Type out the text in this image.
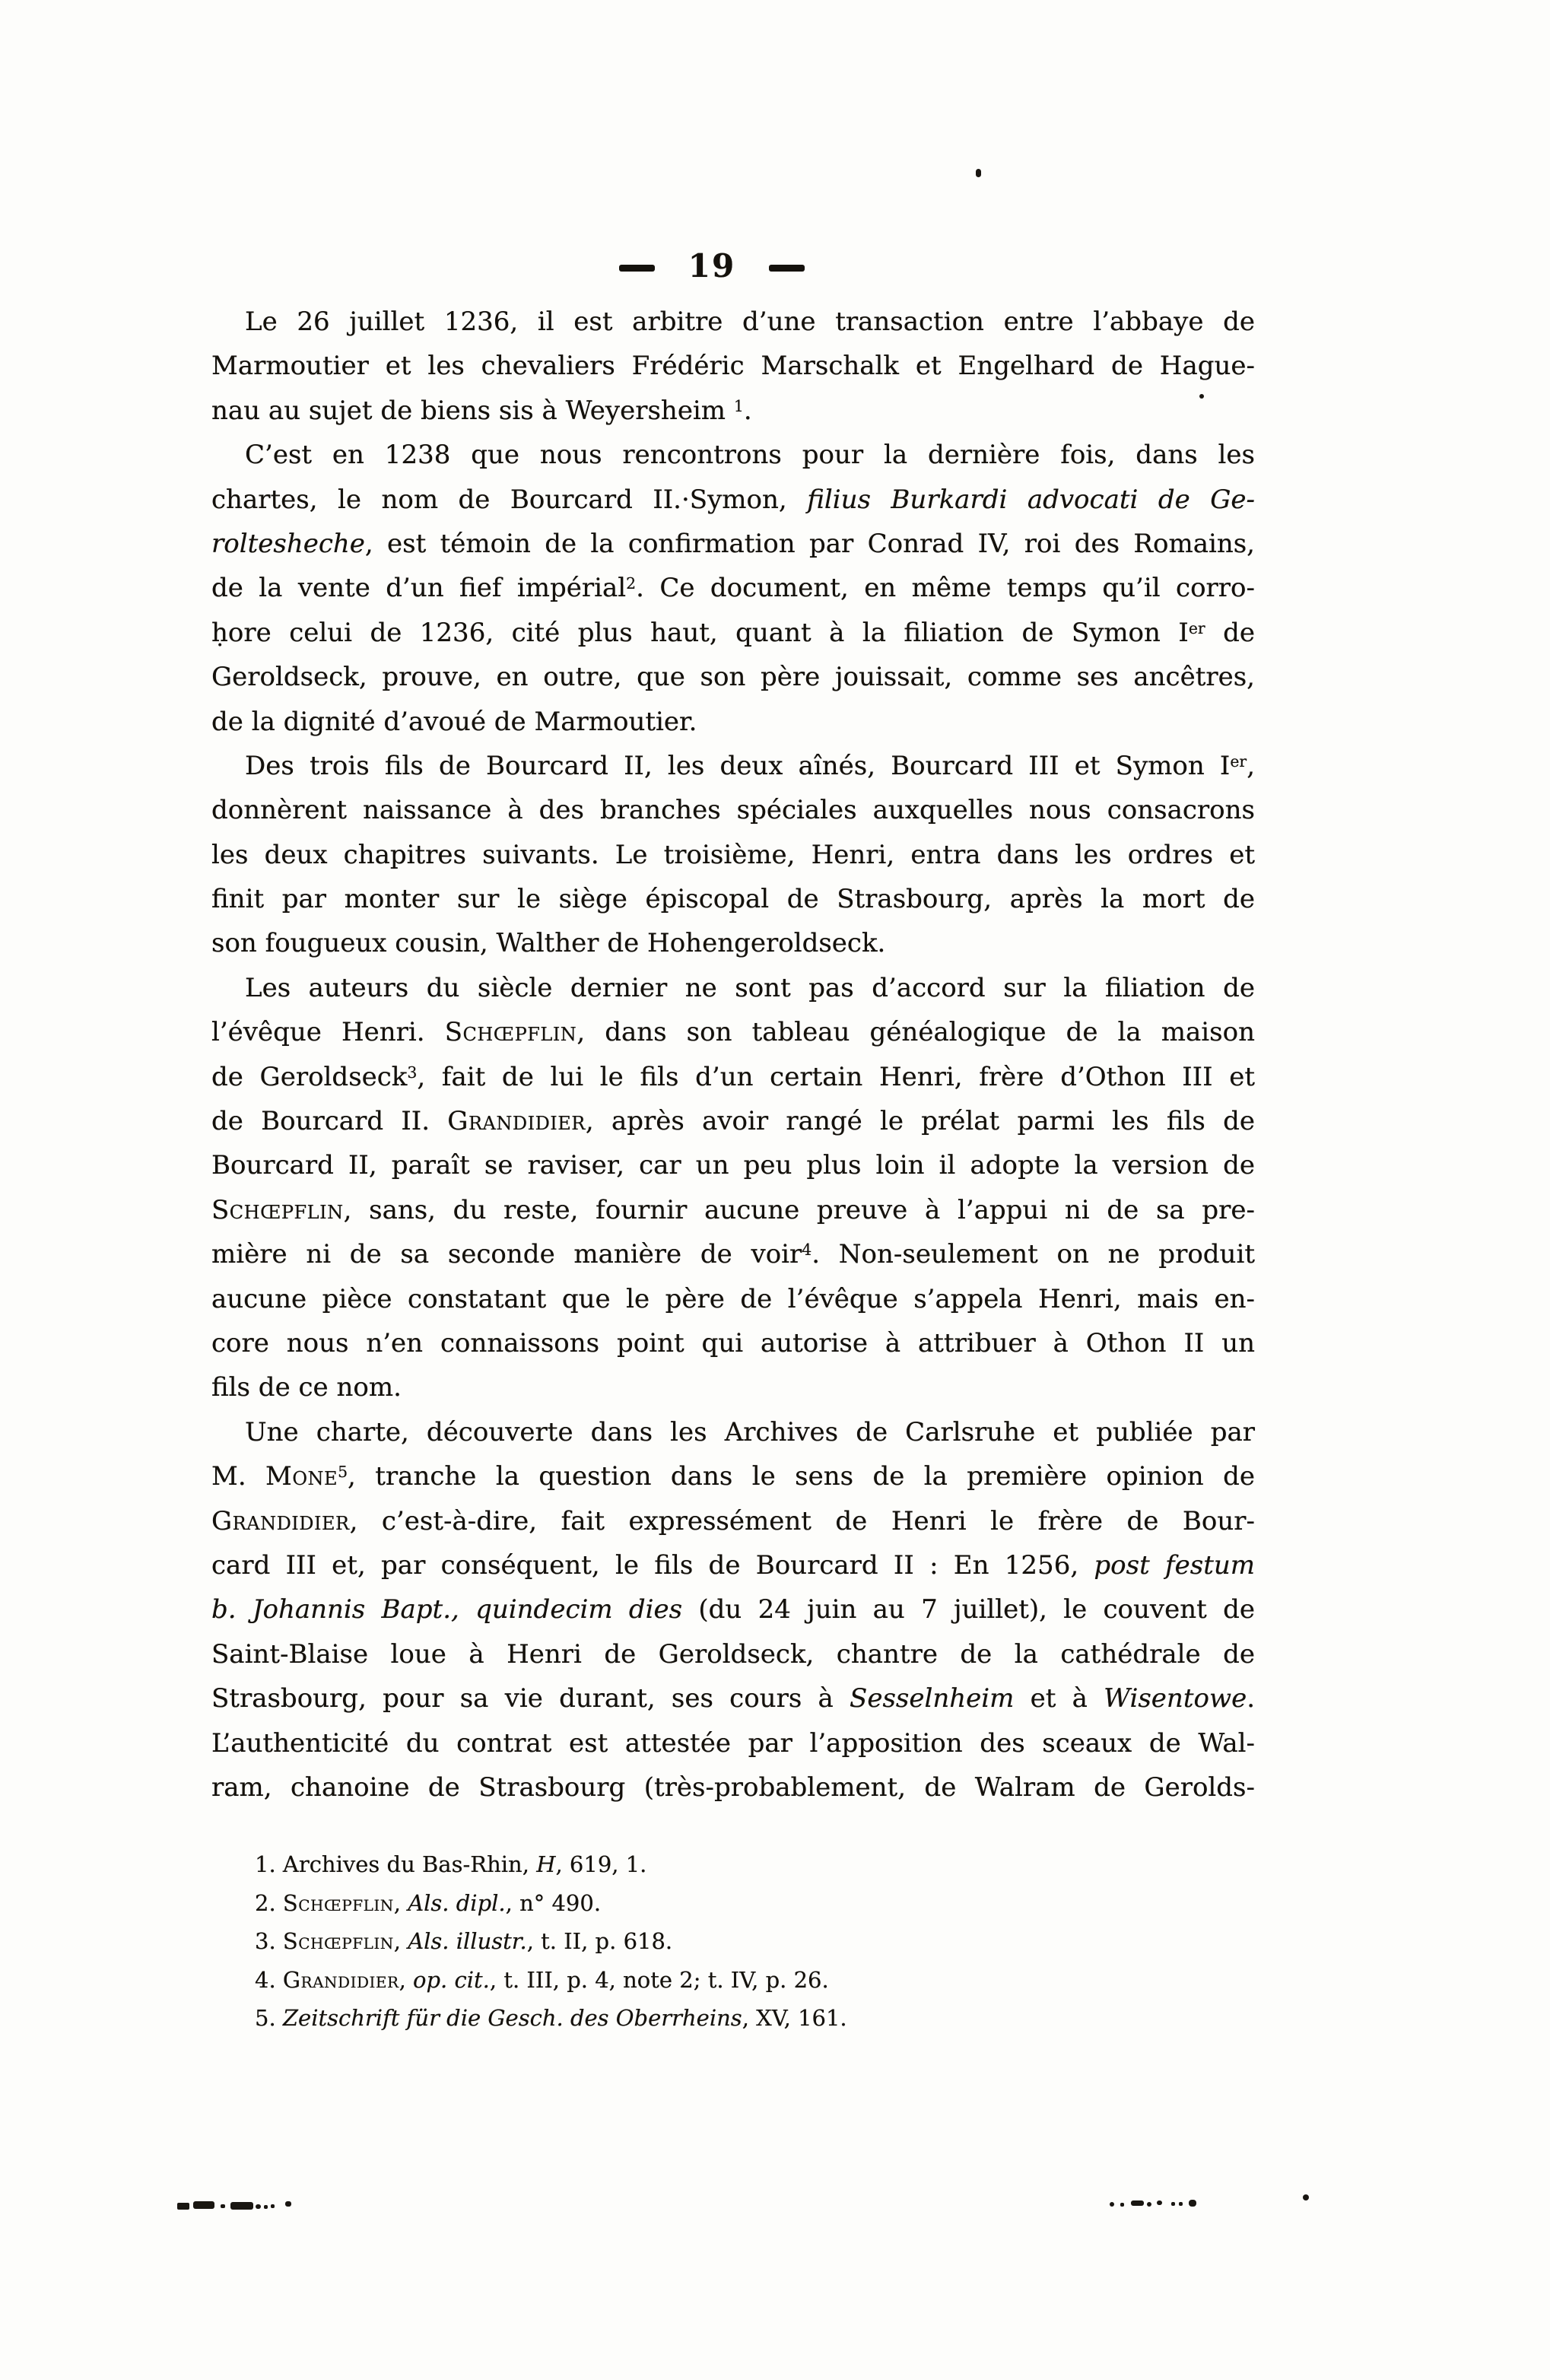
19
Le 26 juillet 1236, il est arbitre d’une transaction entre l’abbaye de
Marmoutier et les chevaliers Frédéric Marschalk et Engelhard de Hague-
nau au sujet de biens sis à Weyersheim $^1$.
C’est en 1238 que nous rencontrons pour la dernière fois, dans les
chartes, le nom de Bourcard II.·Symon, filius Burkardi advocati de Ge-
roltesheche, est témoin de la confirmation par Conrad IV, roi des Romains,
de la vente d’un fief impérial$^2$. Ce document, en même temps qu’il corro-
ḥore celui de 1236, cité plus haut, quant à la filiation de Symon Ier de
Geroldseck, prouve, en outre, que son père jouissait, comme ses ancêtres,
de la dignité d’avoué de Marmoutier.
Des trois fils de Bourcard II, les deux aînés, Bourcard III et Symon Ier,
donnèrent naissance à des branches spéciales auxquelles nous consacrons
les deux chapitres suivants. Le troisième, Henri, entra dans les ordres et
finit par monter sur le siège épiscopal de Strasbourg, après la mort de
son fougueux cousin, Walther de Hohengeroldseck.
Les auteurs du siècle dernier ne sont pas d’accord sur la filiation de
l’évêque Henri. Schœpflin, dans son tableau généalogique de la maison
de Geroldseck$^3$, fait de lui le fils d’un certain Henri, frère d’Othon III et
de Bourcard II. Grandidier, après avoir rangé le prélat parmi les fils de
Bourcard II, paraît se raviser, car un peu plus loin il adopte la version de
Schœpflin, sans, du reste, fournir aucune preuve à l’appui ni de sa pre-
mière ni de sa seconde manière de voir$^4$. Non-seulement on ne produit
aucune pièce constatant que le père de l’évêque s’appela Henri, mais en-
core nous n’en connaissons point qui autorise à attribuer à Othon II un
fils de ce nom.
Une charte, découverte dans les Archives de Carlsruhe et publiée par
M. Mone$^5$, tranche la question dans le sens de la première opinion de
Grandidier, c’est-à-dire, fait expressément de Henri le frère de Bour-
card III et, par conséquent, le fils de Bourcard II : En 1256, post festum
b. Johannis Bapt., quindecim dies (du 24 juin au 7 juillet), le couvent de
Saint-Blaise loue à Henri de Geroldseck, chantre de la cathédrale de
Strasbourg, pour sa vie durant, ses cours à Sesselnheim et à Wisentowe.
L’authenticité du contrat est attestée par l’apposition des sceaux de Wal-
ram, chanoine de Strasbourg (très-probablement, de Walram de Gerolds-
1. Archives du Bas-Rhin, H, 619, 1.
2. Schœpflin, Als. dipl., n° 490.
3. Schœpflin, Als. illustr., t. II, p. 618.
4. Grandidier, op. cit., t. III, p. 4, note 2; t. IV, p. 26.
5. Zeitschrift für die Gesch. des Oberrheins, XV, 161.
